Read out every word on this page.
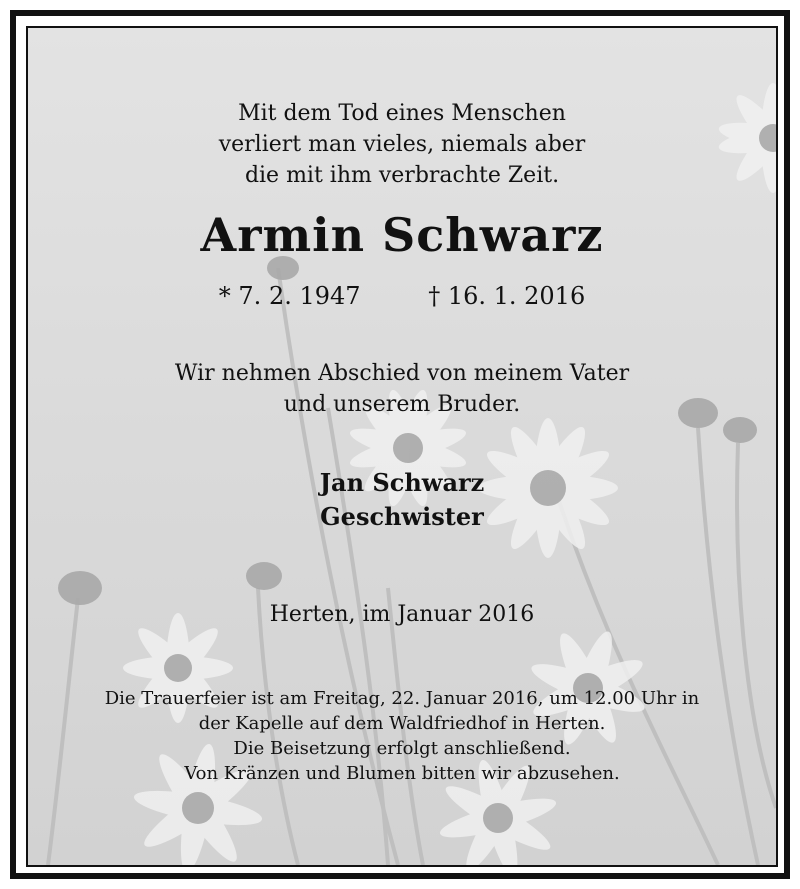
Mit dem Tod eines Menschen
verliert man vieles, niemals aber
die mit ihm verbrachte Zeit.
Armin Schwarz
* 7. 2. 1947	† 16. 1. 2016
Wir nehmen Abschied von meinem Vater
und unserem Bruder.
Jan Schwarz
Geschwister
Herten, im Januar 2016

Die Trauerfeier ist am Freitag, 22. Januar 2016, um 12.00 Uhr in

der Kapelle auf dem Waldfriedhof in Herten.

Die Beisetzung erfolgt anschließend.

Von Kränzen und Blumen bitten wir abzusehen.
